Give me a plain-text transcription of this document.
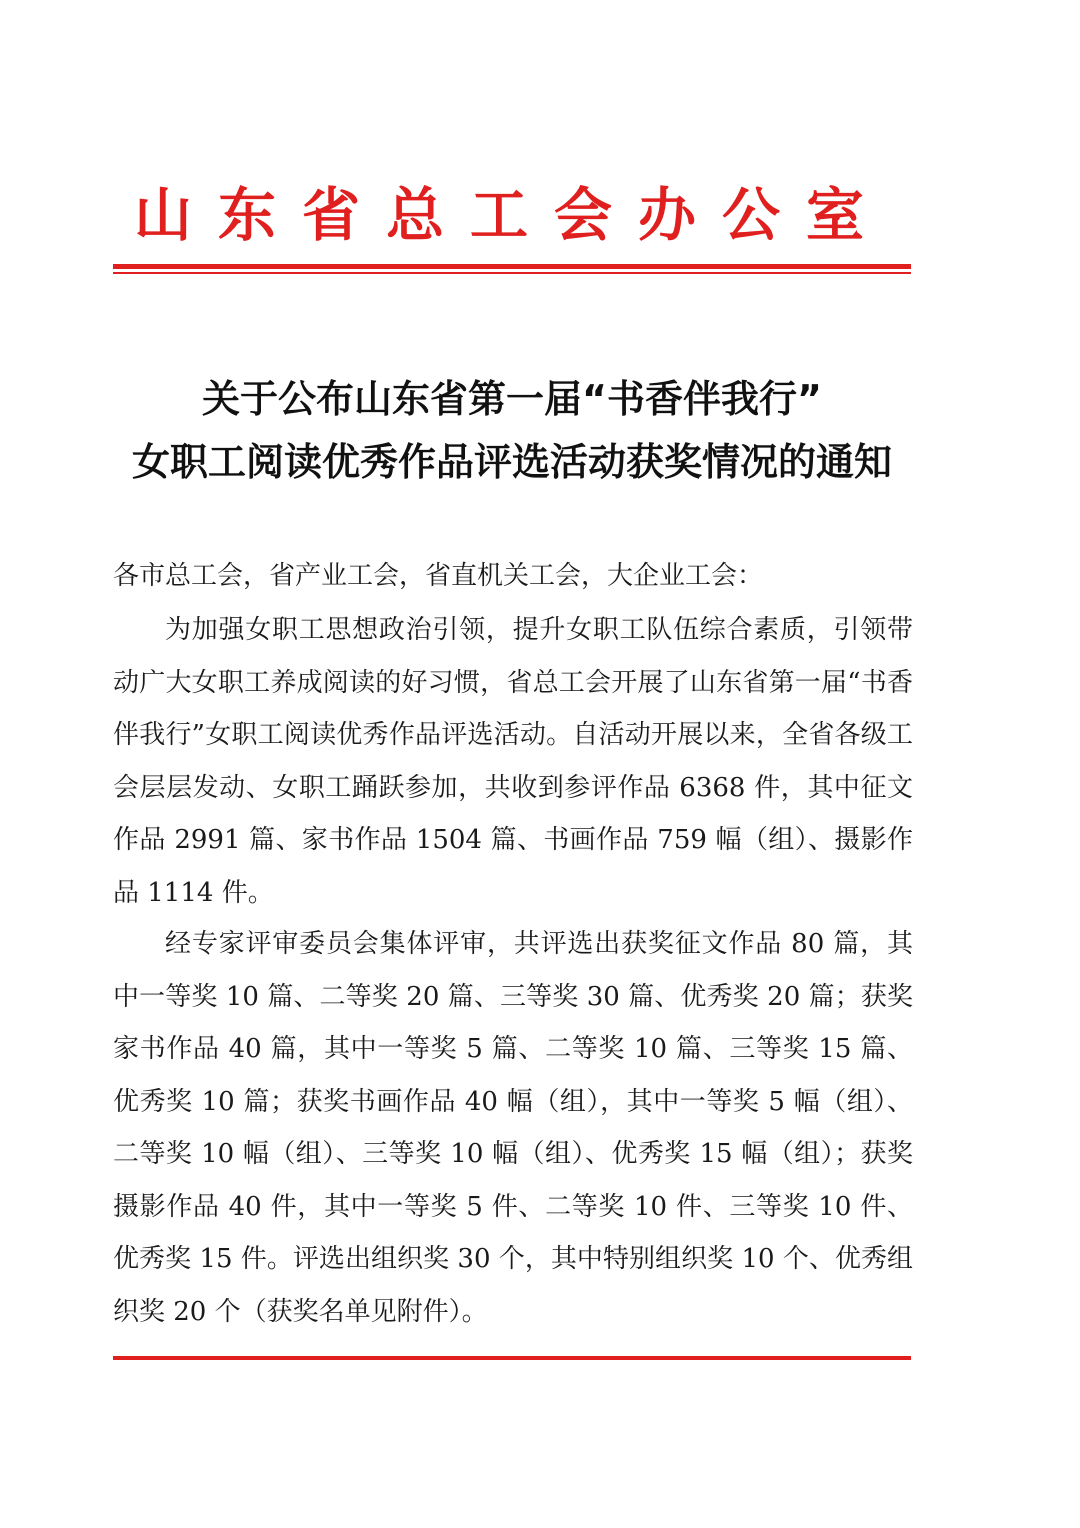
山东省总工会办公室
关于公布山东省第一届“书香伴我行”
女职工阅读优秀作品评选活动获奖情况的通知
各市总工会，省产业工会，省直机关工会，大企业工会：

为加强女职工思想政治引领，提升女职工队伍综合素质，引领带动广大女职工养成阅读的好习惯，省总工会开展了山东省第一届“书香伴我行”女职工阅读优秀作品评选活动。自活动开展以来，全省各级工会层层发动、女职工踊跃参加，共收到参评作品 6368 件，其中征文作品 2991 篇、家书作品 1504 篇、书画作品 759 幅（组）、摄影作品 1114 件。

经专家评审委员会集体评审，共评选出获奖征文作品 80 篇，其中一等奖 10 篇、二等奖 20 篇、三等奖 30 篇、优秀奖 20 篇；获奖家书作品 40 篇，其中一等奖 5 篇、二等奖 10 篇、三等奖 15 篇、优秀奖 10 篇；获奖书画作品 40 幅（组），其中一等奖 5 幅（组）、二等奖 10 幅（组）、三等奖 10 幅（组）、优秀奖 15 幅（组）；获奖摄影作品 40 件，其中一等奖 5 件、二等奖 10 件、三等奖 10 件、优秀奖 15 件。评选出组织奖 30 个，其中特别组织奖 10 个、优秀组织奖 20 个（获奖名单见附件）。
